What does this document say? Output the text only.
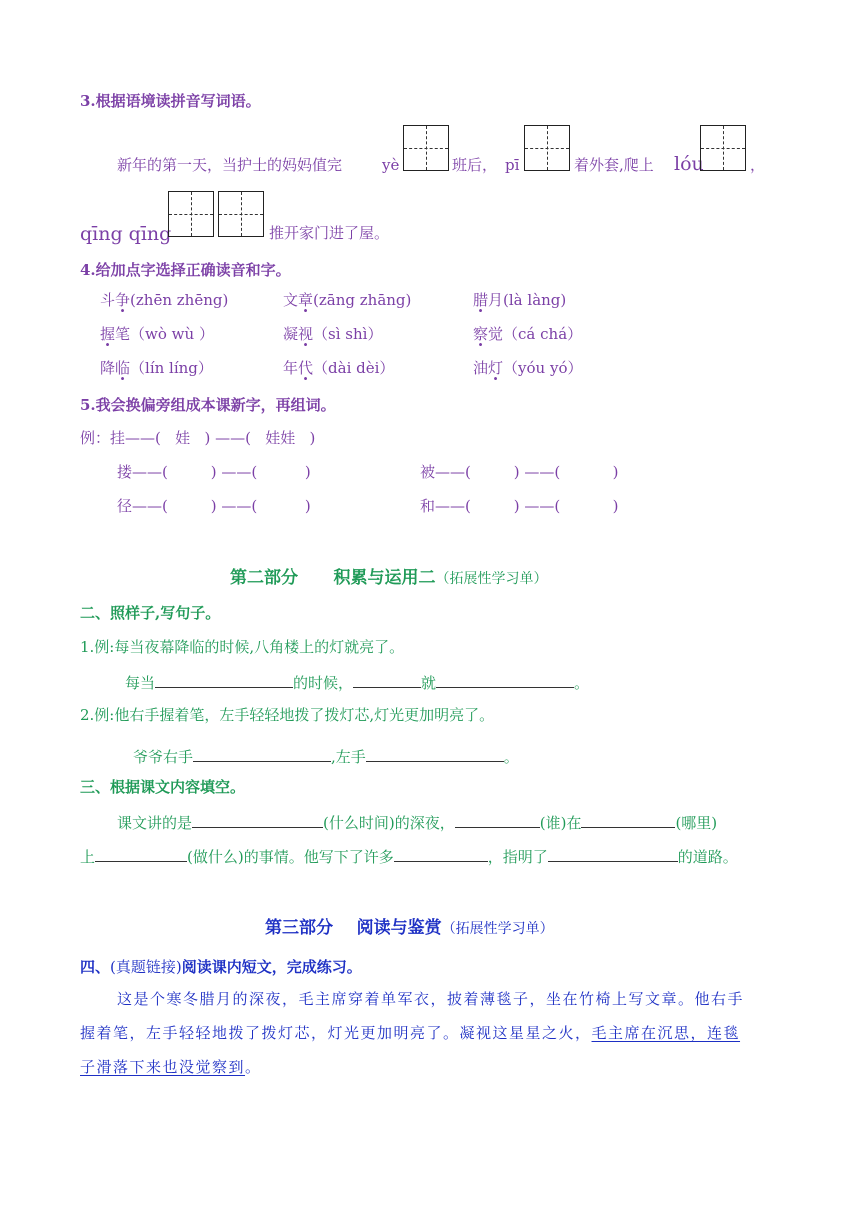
3.根据语境读拼音写词语。
新年的第一天，当护士的妈妈值完	yè	班后， pī	着外套,爬上 lóu	，
qīng qīng	推开家门进了屋。
4.给加点字选择正确读音和字。
斗争(zhēn zhēng)	文章(zāng zhāng)	腊月(là làng)
握笔（wò wù ）	凝视（sì shì）	察觉（cá chá）
降临（lín líng）	年代（dài dèi）	油灯（yóu yó）
5.我会换偏旁组成本课新字，再组词。
例：挂——(   娃   ) ——(   娃娃   )
搂——(         ) ——(          )	被——(         ) ——(           )
径——(         ) ——(          )	和——(         ) ——(           )
第二部分      积累与运用二（拓展性学习单）
二、照样子,写句子。
1.例:每当夜幕降临的时候,八角楼上的灯就亮了。
每当	的时候，	就	。
2.例:他右手握着笔，左手轻轻地拨了拨灯芯,灯光更加明亮了。
爷爷右手	,左手	。
三、根据课文内容填空。
课文讲的是	(什么时间)的深夜，	(谁)在	(哪里)
上	(做什么)的事情。他写下了许多	，指明了	的道路。
第三部分    阅读与鉴赏（拓展性学习单）
四、(真题链接)阅读课内短文，完成练习。
这是个寒冬腊月的深夜，毛主席穿着单军衣，披着薄毯子，坐在竹椅上写文章。他右手
握着笔，左手轻轻地拨了拨灯芯，灯光更加明亮了。凝视这星星之火，毛主席在沉思，连毯
子滑落下来也没觉察到。
